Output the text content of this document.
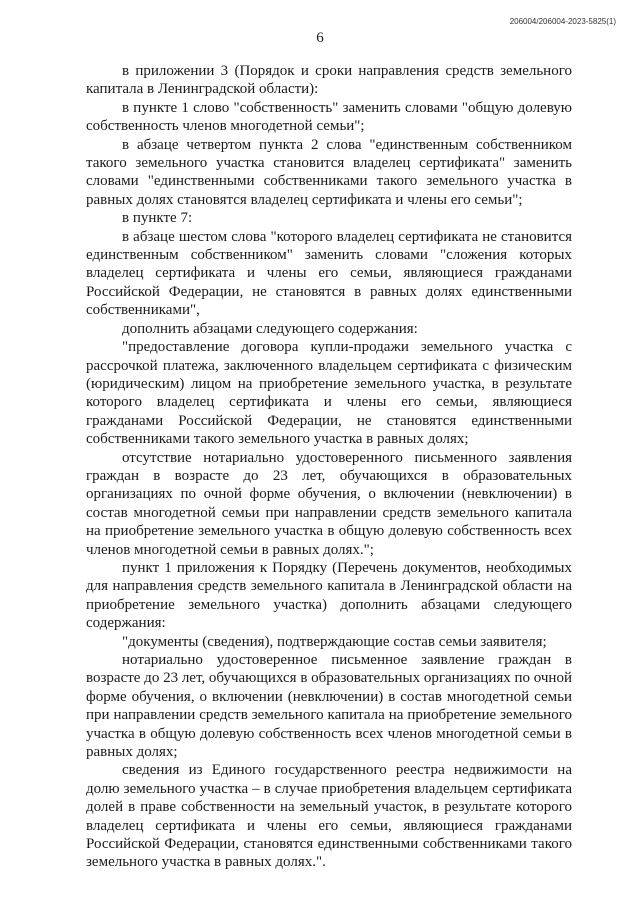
206004/206004-2023-5825(1)
6

в приложении 3 (Порядок и сроки направления средств земельного капитала в Ленинградской области):

в пункте 1 слово "собственность" заменить словами "общую долевую собственность членов многодетной семьи";

в абзаце четвертом пункта 2 слова "единственным собственником такого земельного участка становится владелец сертификата" заменить словами "единственными собственниками такого земельного участка в равных долях становятся владелец сертификата и члены его семьи";

в пункте 7:

в абзаце шестом слова "которого владелец сертификата не становится единственным собственником" заменить словами "сложения которых владелец сертификата и члены его семьи, являющиеся гражданами Российской Федерации, не становятся в равных долях единственными собственниками",

дополнить абзацами следующего содержания:

"предоставление договора купли-продажи земельного участка с рассрочкой платежа, заключенного владельцем сертификата с физическим (юридическим) лицом на приобретение земельного участка, в результате которого владелец сертификата и члены его семьи, являющиеся гражданами Российской Федерации, не становятся единственными собственниками такого земельного участка в равных долях;

отсутствие нотариально удостоверенного письменного заявления граждан в возрасте до 23 лет, обучающихся в образовательных организациях по очной форме обучения, о включении (невключении) в состав многодетной семьи при направлении средств земельного капитала на приобретение земельного участка в общую долевую собственность всех членов многодетной семьи в равных долях.";

пункт 1 приложения к Порядку (Перечень документов, необходимых для направления средств земельного капитала в Ленинградской области на приобретение земельного участка) дополнить абзацами следующего содержания:

"документы (сведения), подтверждающие состав семьи заявителя;

нотариально удостоверенное письменное заявление граждан в возрасте до 23 лет, обучающихся в образовательных организациях по очной форме обучения, о включении (невключении) в состав многодетной семьи при направлении средств земельного капитала на приобретение земельного участка в общую долевую собственность всех членов многодетной семьи в равных долях;

сведения из Единого государственного реестра недвижимости на долю земельного участка – в случае приобретения владельцем сертификата долей в праве собственности на земельный участок, в результате которого владелец сертификата и члены его семьи, являющиеся гражданами Российской Федерации, становятся единственными собственниками такого земельного участка в равных долях.".
